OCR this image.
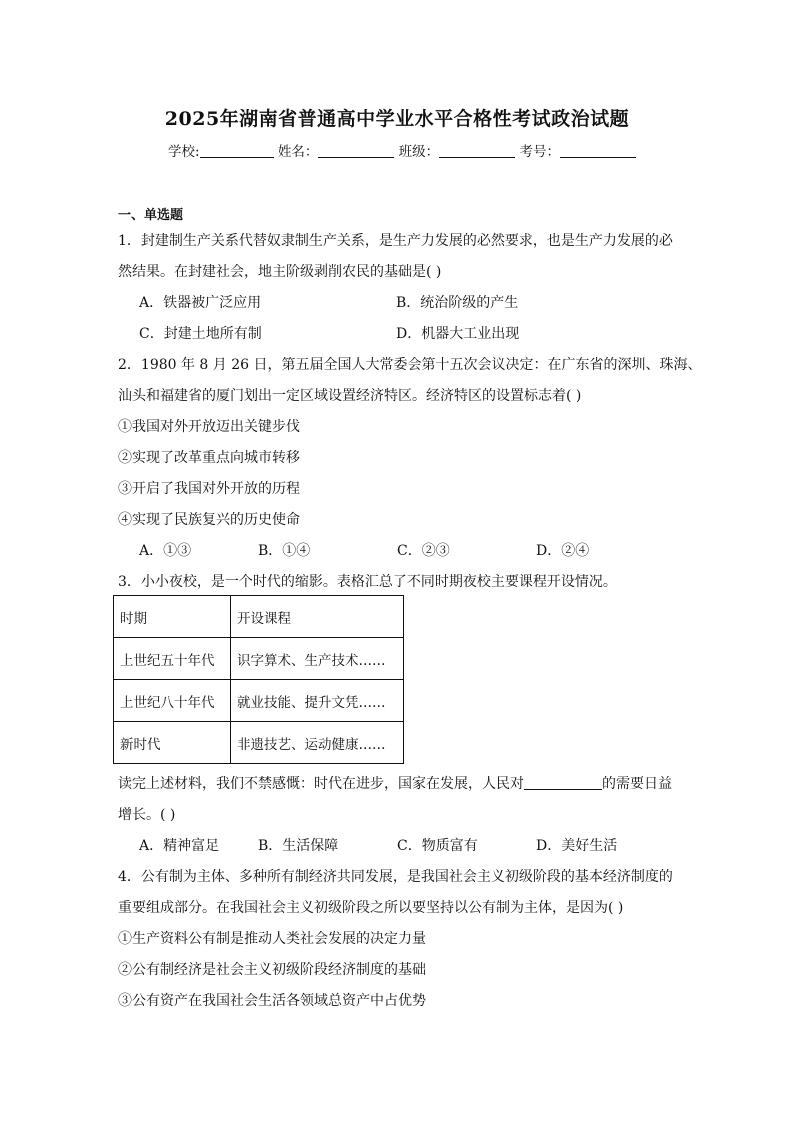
2025年湖南省普通高中学业水平合格性考试政治试题
学校:	姓名：	班级：	考号：
一、单选题
1．封建制生产关系代替奴隶制生产关系，是生产力发展的必然要求，也是生产力发展的必
然结果。在封建社会，地主阶级剥削农民的基础是( )
A．铁器被广泛应用	B．统治阶级的产生
C．封建土地所有制	D．机器大工业出现
2．1980 年 8 月 26 日，第五届全国人大常委会第十五次会议决定：在广东省的深圳、珠海、
汕头和福建省的厦门划出一定区域设置经济特区。经济特区的设置标志着( )
①我国对外开放迈出关键步伐
②实现了改革重点向城市转移
③开启了我国对外开放的历程
④实现了民族复兴的历史使命
A．①③	B．①④	C．②③	D．②④
3．小小夜校，是一个时代的缩影。表格汇总了不同时期夜校主要课程开设情况。
时期	开设课程
上世纪五十年代	识字算术、生产技术……
上世纪八十年代	就业技能、提升文凭……
新时代	非遗技艺、运动健康……
读完上述材料，我们不禁感慨：时代在进步，国家在发展，人民对	的需要日益
增长。( )
A．精神富足	B．生活保障	C．物质富有	D．美好生活
4．公有制为主体、多种所有制经济共同发展，是我国社会主义初级阶段的基本经济制度的
重要组成部分。在我国社会主义初级阶段之所以要坚持以公有制为主体，是因为( )
①生产资料公有制是推动人类社会发展的决定力量
②公有制经济是社会主义初级阶段经济制度的基础
③公有资产在我国社会生活各领域总资产中占优势
